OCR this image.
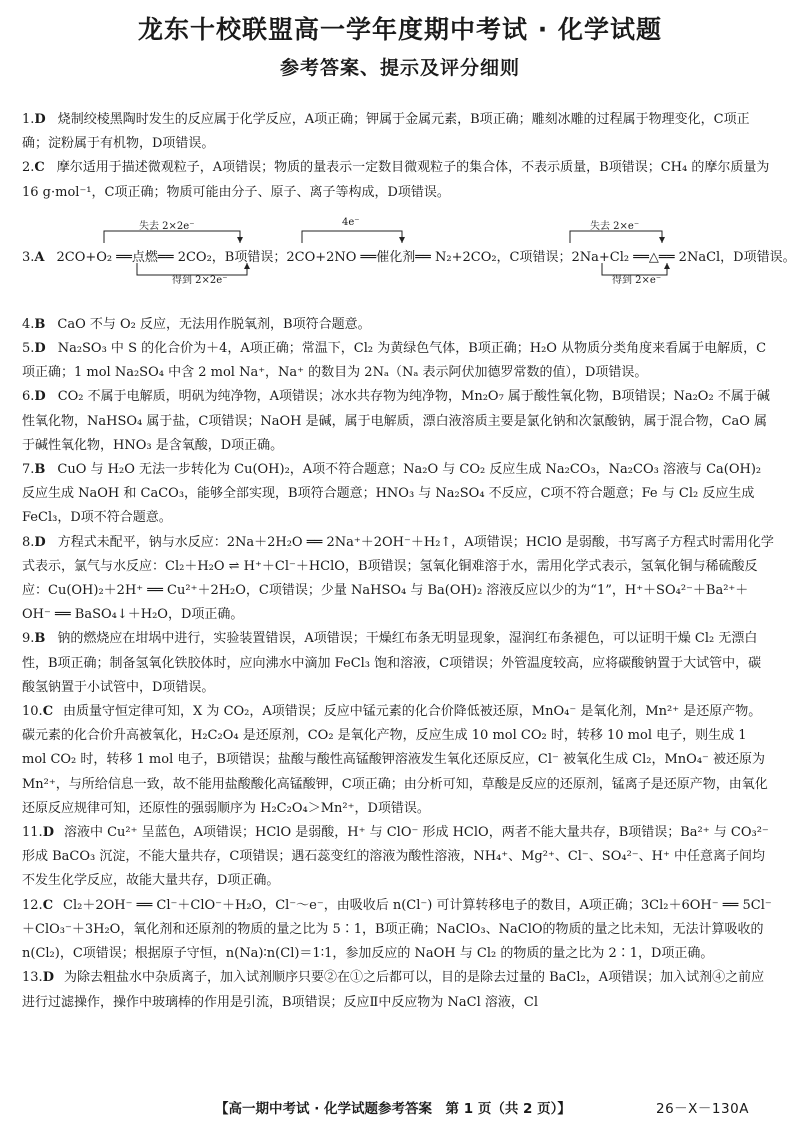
龙东十校联盟高一学年度期中考试 · 化学试题
参考答案、提示及评分细则
1.D 烧制绞棱黑陶时发生的反应属于化学反应，A项正确；钾属于金属元素，B项正确；雕刻冰雕的过程属于物理变化，C项正确；淀粉属于有机物，D项错误。
2.C 摩尔适用于描述微观粒子，A项错误；物质的量表示一定数目微观粒子的集合体，不表示质量，B项错误；CH₄ 的摩尔质量为 16 g·mol⁻¹，C项正确；物质可能由分子、原子、离子等构成，D项错误。
失去 2×2e⁻
得到 2×2e⁻
4e⁻	失去 2×e⁻
得到 2×e⁻
3.A 2CO+O₂ ══点燃══ 2CO₂，B项错误；2CO+2NO ══催化剂══ N₂+2CO₂，C项错误；2Na+Cl₂ ══△══ 2NaCl，D项错误。
4.B CaO 不与 O₂ 反应，无法用作脱氧剂，B项符合题意。
5.D Na₂SO₃ 中 S 的化合价为＋4，A项正确；常温下，Cl₂ 为黄绿色气体，B项正确；H₂O 从物质分类角度来看属于电解质，C项正确；1 mol Na₂SO₄ 中含 2 mol Na⁺，Na⁺ 的数目为 2Nₐ（Nₐ 表示阿伏加德罗常数的值），D项错误。
6.D CO₂ 不属于电解质，明矾为纯净物，A项错误；冰水共存物为纯净物，Mn₂O₇ 属于酸性氧化物，B项错误；Na₂O₂ 不属于碱性氧化物，NaHSO₄ 属于盐，C项错误；NaOH 是碱，属于电解质，漂白液溶质主要是氯化钠和次氯酸钠，属于混合物，CaO 属于碱性氧化物，HNO₃ 是含氧酸，D项正确。
7.B CuO 与 H₂O 无法一步转化为 Cu(OH)₂，A项不符合题意；Na₂O 与 CO₂ 反应生成 Na₂CO₃，Na₂CO₃ 溶液与 Ca(OH)₂ 反应生成 NaOH 和 CaCO₃，能够全部实现，B项符合题意；HNO₃ 与 Na₂SO₄ 不反应，C项不符合题意；Fe 与 Cl₂ 反应生成 FeCl₃，D项不符合题意。
8.D 方程式未配平，钠与水反应：2Na＋2H₂O ══ 2Na⁺＋2OH⁻＋H₂↑，A项错误；HClO 是弱酸，书写离子方程式时需用化学式表示，氯气与水反应：Cl₂＋H₂O ⇌ H⁺＋Cl⁻＋HClO，B项错误；氢氧化铜难溶于水，需用化学式表示，氢氧化铜与稀硫酸反应：Cu(OH)₂＋2H⁺ ══ Cu²⁺＋2H₂O，C项错误；少量 NaHSO₄ 与 Ba(OH)₂ 溶液反应以少的为“1”，H⁺＋SO₄²⁻＋Ba²⁺＋OH⁻ ══ BaSO₄↓＋H₂O，D项正确。
9.B 钠的燃烧应在坩埚中进行，实验装置错误，A项错误；干燥红布条无明显现象，湿润红布条褪色，可以证明干燥 Cl₂ 无漂白性，B项正确；制备氢氧化铁胶体时，应向沸水中滴加 FeCl₃ 饱和溶液，C项错误；外管温度较高，应将碳酸钠置于大试管中，碳酸氢钠置于小试管中，D项错误。
10.C 由质量守恒定律可知，X 为 CO₂，A项错误；反应中锰元素的化合价降低被还原，MnO₄⁻ 是氧化剂，Mn²⁺ 是还原产物。碳元素的化合价升高被氧化，H₂C₂O₄ 是还原剂，CO₂ 是氧化产物，反应生成 10 mol CO₂ 时，转移 10 mol 电子，则生成 1 mol CO₂ 时，转移 1 mol 电子，B项错误；盐酸与酸性高锰酸钾溶液发生氧化还原反应，Cl⁻ 被氧化生成 Cl₂，MnO₄⁻ 被还原为 Mn²⁺，与所给信息一致，故不能用盐酸酸化高锰酸钾，C项正确；由分析可知，草酸是反应的还原剂，锰离子是还原产物，由氧化还原反应规律可知，还原性的强弱顺序为 H₂C₂O₄＞Mn²⁺，D项错误。
11.D 溶液中 Cu²⁺ 呈蓝色，A项错误；HClO 是弱酸，H⁺ 与 ClO⁻ 形成 HClO，两者不能大量共存，B项错误；Ba²⁺ 与 CO₃²⁻ 形成 BaCO₃ 沉淀，不能大量共存，C项错误；遇石蕊变红的溶液为酸性溶液，NH₄⁺、Mg²⁺、Cl⁻、SO₄²⁻、H⁺ 中任意离子间均不发生化学反应，故能大量共存，D项正确。
12.C Cl₂＋2OH⁻ ══ Cl⁻＋ClO⁻＋H₂O，Cl⁻～e⁻，由吸收后 n(Cl⁻) 可计算转移电子的数目，A项正确；3Cl₂＋6OH⁻ ══ 5Cl⁻＋ClO₃⁻＋3H₂O，氧化剂和还原剂的物质的量之比为 5∶1，B项正确；NaClO₃、NaClO的物质的量之比未知，无法计算吸收的 n(Cl₂)，C项错误；根据原子守恒，n(Na)∶n(Cl)＝1∶1，参加反应的 NaOH 与 Cl₂ 的物质的量之比为 2∶1，D项正确。
13.D 为除去粗盐水中杂质离子，加入试剂顺序只要②在①之后都可以，目的是除去过量的 BaCl₂，A项错误；加入试剂④之前应进行过滤操作，操作中玻璃棒的作用是引流，B项错误；反应Ⅱ中反应物为 NaCl 溶液，Cl
【高一期中考试 · 化学试题参考答案　第 1 页（共 2 页）】	26－X－130A
